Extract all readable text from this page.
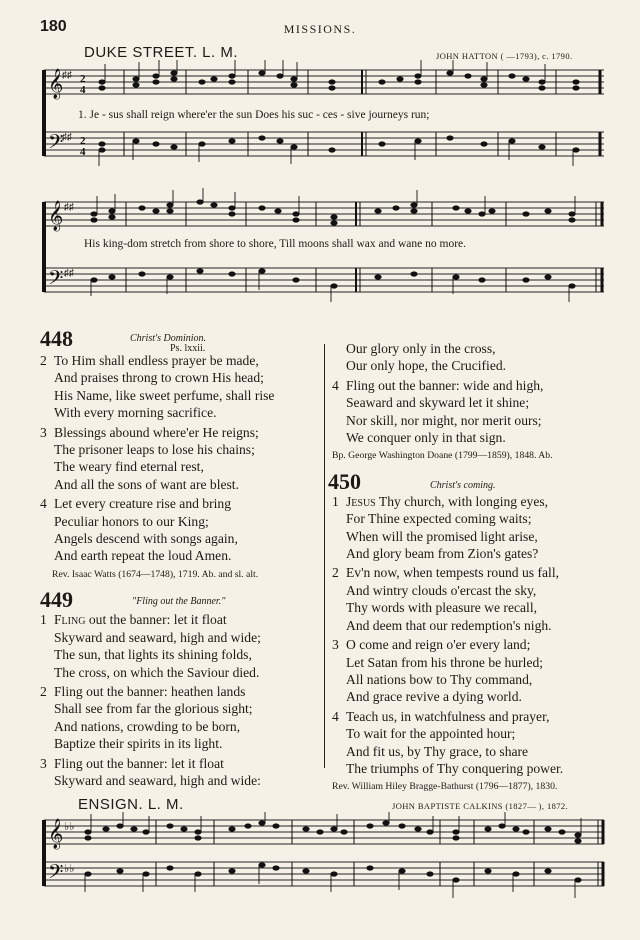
180	MISSIONS.
DUKE STREET. L. M.	JOHN HATTON ( —1793), c. 1790.
𝄞
𝄢
♯♯
♯♯
2
4
2
4
1. Je - sus shall reign where'er the sun Does his suc - ces - sive journeys run;
𝄞
𝄢
♯♯
♯♯
His king-dom stretch from shore to shore, Till moons shall wax and wane no more.
448	Christ's Dominion.
Ps. lxxii.
2 To Him shall endless prayer be made,
And praises throng to crown His head;
His Name, like sweet perfume, shall rise
With every morning sacrifice.
3 Blessings abound where'er He reigns;
The prisoner leaps to lose his chains;
The weary find eternal rest,
And all the sons of want are blest.
4 Let every creature rise and bring
Peculiar honors to our King;
Angels descend with songs again,
And earth repeat the loud Amen.
Rev. Isaac Watts (1674—1748), 1719. Ab. and sl. alt.
449	"Fling out the Banner."
1 Fling out the banner: let it float
Skyward and seaward, high and wide;
The sun, that lights its shining folds,
The cross, on which the Saviour died.
2 Fling out the banner: heathen lands
Shall see from far the glorious sight;
And nations, crowding to be born,
Baptize their spirits in its light.
3 Fling out the banner: let it float
Skyward and seaward, high and wide:
Our glory only in the cross,
Our only hope, the Crucified.
4 Fling out the banner: wide and high,
Seaward and skyward let it shine;
Nor skill, nor might, nor merit ours;
We conquer only in that sign.
Bp. George Washington Doane (1799—1859), 1848. Ab.
450	Christ's coming.
1 Jesus Thy church, with longing eyes,
For Thine expected coming waits;
When will the promised light arise,
And glory beam from Zion's gates?
2 Ev'n now, when tempests round us fall,
And wintry clouds o'ercast the sky,
Thy words with pleasure we recall,
And deem that our redemption's nigh.
3 O come and reign o'er every land;
Let Satan from his throne be hurled;
All nations bow to Thy command,
And grace revive a dying world.
4 Teach us, in watchfulness and prayer,
To wait for the appointed hour;
And fit us, by Thy grace, to share
The triumphs of Thy conquering power.
Rev. William Hiley Bragge-Bathurst (1796—1877), 1830.
ENSIGN. L. M.	JOHN BAPTISTE CALKINS (1827— ), 1872.
𝄞
𝄢
♭♭
♭♭
